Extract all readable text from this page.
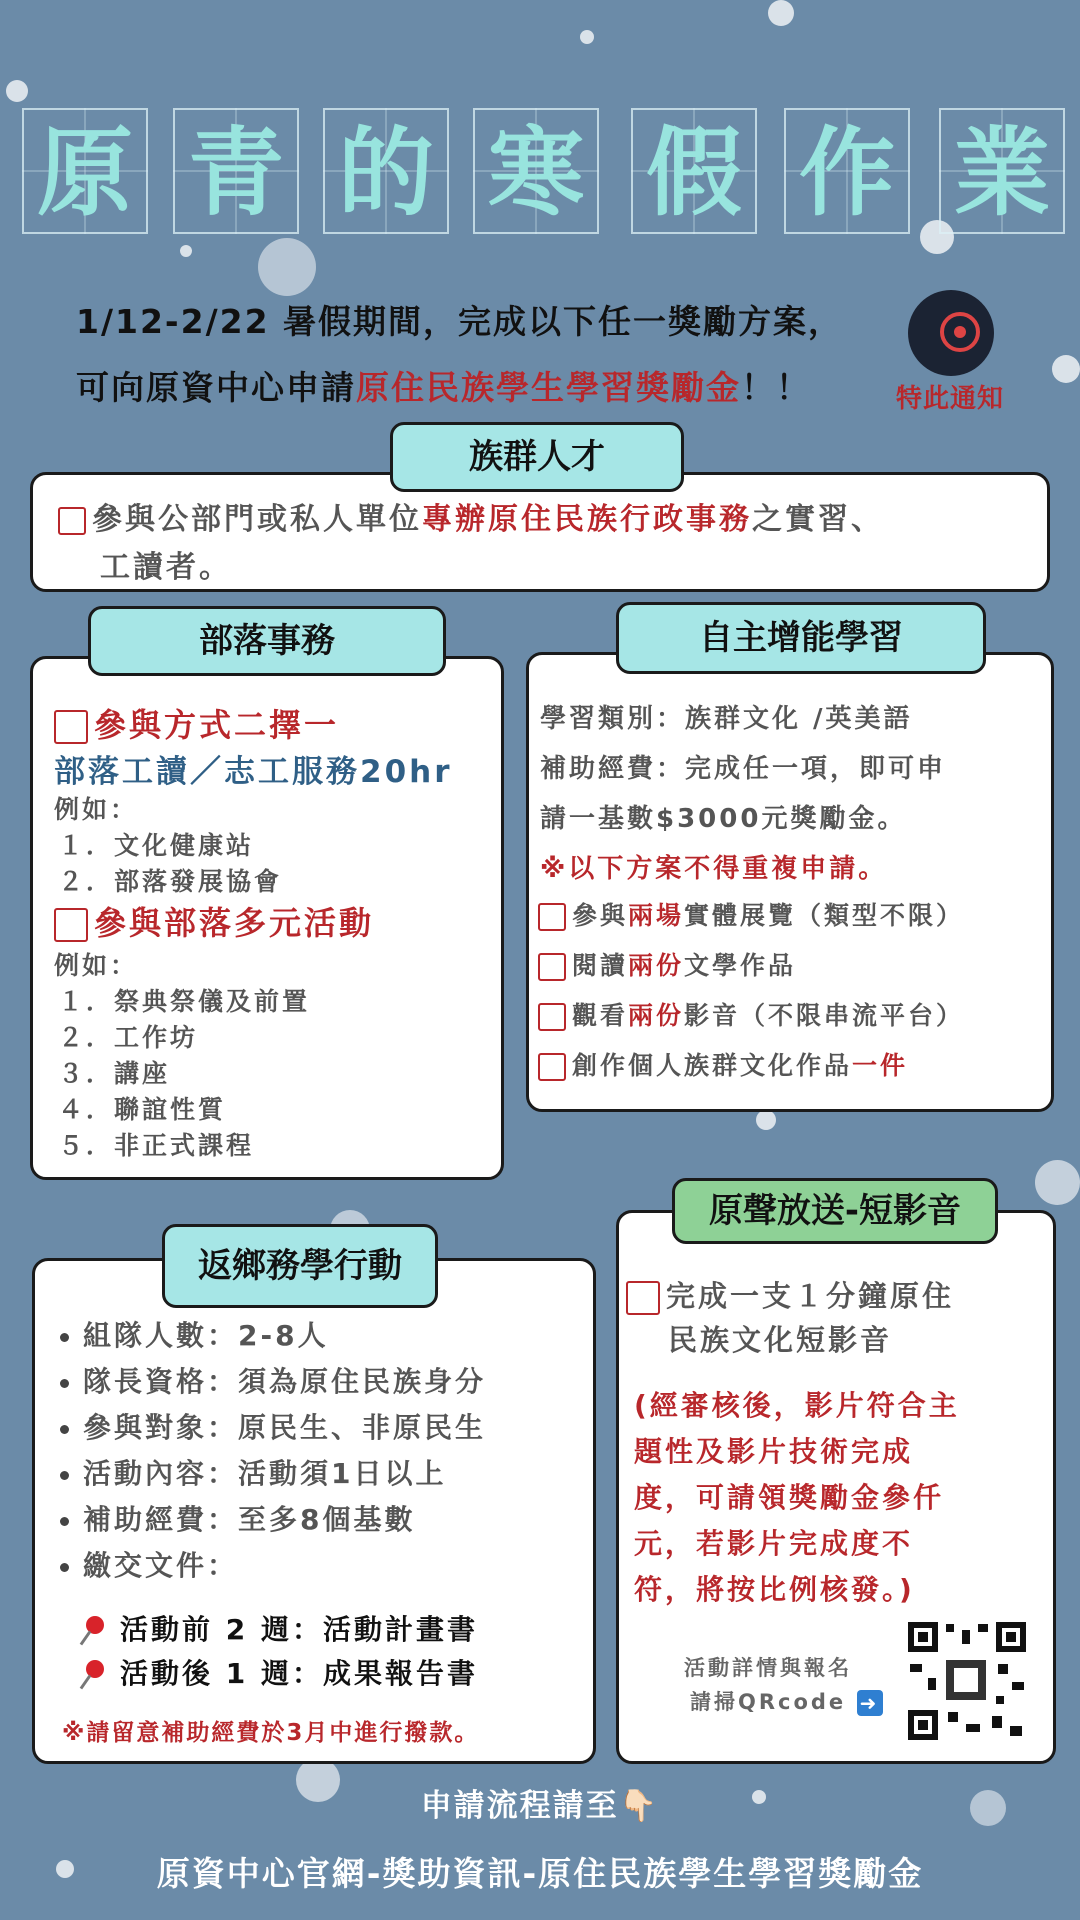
原 青 的 寒 假 作 業
1/12-2/22 暑假期間，完成以下任一獎勵方案，
可向原資中心申請原住民族學生學習獎勵金！！	特此通知
族群人才
參與公部門或私人單位專辦原住民族行政事務之實習、
工讀者。
部落事務
參與方式二擇一
部落工讀／志工服務20hr
例如：
１．文化健康站
２．部落發展協會
參與部落多元活動
例如：
１．祭典祭儀及前置
２．工作坊
３．講座
４．聯誼性質
５．非正式課程
自主增能學習
學習類別：族群文化 /英美語
補助經費：完成任一項，即可申
請一基數$3000元獎勵金。
※以下方案不得重複申請。
參與兩場實體展覽（類型不限）
閱讀兩份文學作品
觀看兩份影音（不限串流平台）
創作個人族群文化作品一件
返鄉務學行動
組隊人數：2-8人
隊長資格：須為原住民族身分
參與對象：原民生、非原民生
活動內容：活動須1日以上
補助經費：至多8個基數
繳交文件：
活動前 2 週：活動計畫書
活動後 1 週：成果報告書
※請留意補助經費於3月中進行撥款。
原聲放送-短影音
完成一支１分鐘原住
民族文化短影音
(經審核後，影片符合主
題性及影片技術完成
度，可請領獎勵金參仟
元，若影片完成度不
符，將按比例核發。)
活動詳情與報名
請掃QRcode ➜
申請流程請至👇🏻
原資中心官網-獎助資訊-原住民族學生學習獎勵金
